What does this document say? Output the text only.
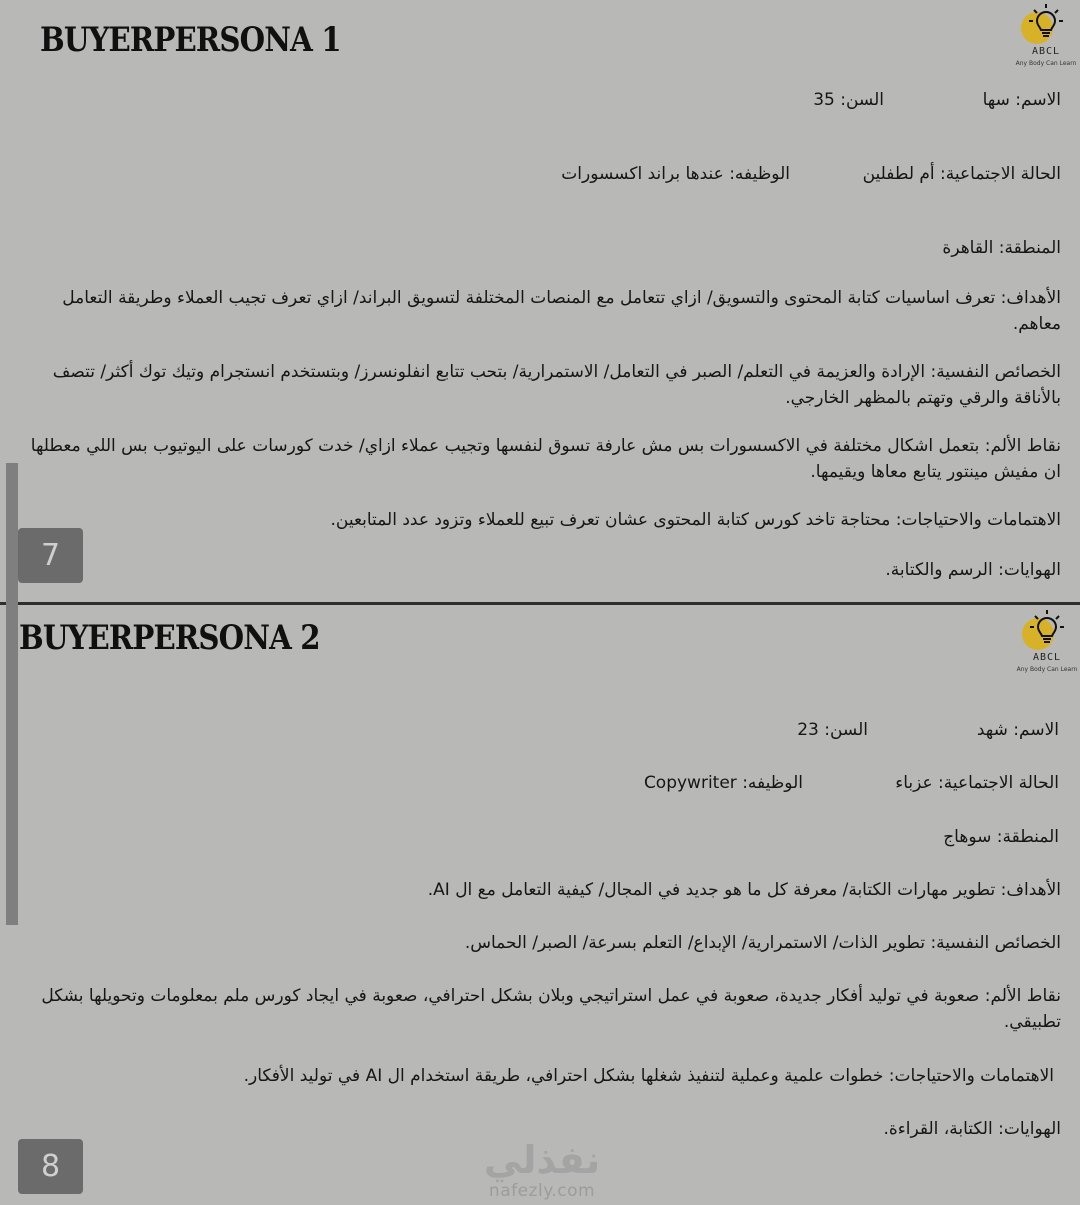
BUYERPERSONA 1	ABCL
Any Body Can Learn

الاسم: سها

السن: 35

الحالة الاجتماعية: أم لطفلين

الوظيفه: عندها براند اكسسورات

المنطقة: القاهرة

الأهداف: تعرف اساسيات كتابة المحتوى والتسويق/ ازاي تتعامل مع المنصات المختلفة لتسويق البراند/ ازاي تعرف تجيب العملاء وطريقة التعامل معاهم.

الخصائص النفسية: الإرادة والعزيمة في التعلم/ الصبر في التعامل/ الاستمرارية/ بتحب تتابع انفلونسرز/ وبتستخدم انستجرام وتيك توك أكثر/ تتصف بالأناقة والرقي وتهتم بالمظهر الخارجي.

نقاط الألم: بتعمل اشكال مختلفة في الاكسسورات بس مش عارفة تسوق لنفسها وتجيب عملاء ازاي/ خدت كورسات على اليوتيوب بس اللي معطلها ان مفيش مينتور يتابع معاها ويقيمها.

الاهتمامات والاحتياجات: محتاجة تاخد كورس كتابة المحتوى عشان تعرف تبيع للعملاء وتزود عدد المتابعين.

الهوايات: الرسم والكتابة.

7
BUYERPERSONA 2	ABCL
Any Body Can Learn

الاسم: شهد

السن: 23

الحالة الاجتماعية: عزباء

الوظيفه: Copywriter

المنطقة: سوهاج

الأهداف: تطوير مهارات الكتابة/ معرفة كل ما هو جديد في المجال/ كيفية التعامل مع ال AI.

الخصائص النفسية: تطوير الذات/ الاستمرارية/ الإبداع/ التعلم بسرعة/ الصبر/ الحماس.

نقاط الألم: صعوبة في توليد أفكار جديدة، صعوبة في عمل استراتيجي وبلان بشكل احترافي، صعوبة في ايجاد كورس ملم بمعلومات وتحويلها بشكل تطبيقي.

الاهتمامات والاحتياجات: خطوات علمية وعملية لتنفيذ شغلها بشكل احترافي، طريقة استخدام ال AI في توليد الأفكار.

الهوايات: الكتابة، القراءة.

8	نفذلي
nafezly.com
